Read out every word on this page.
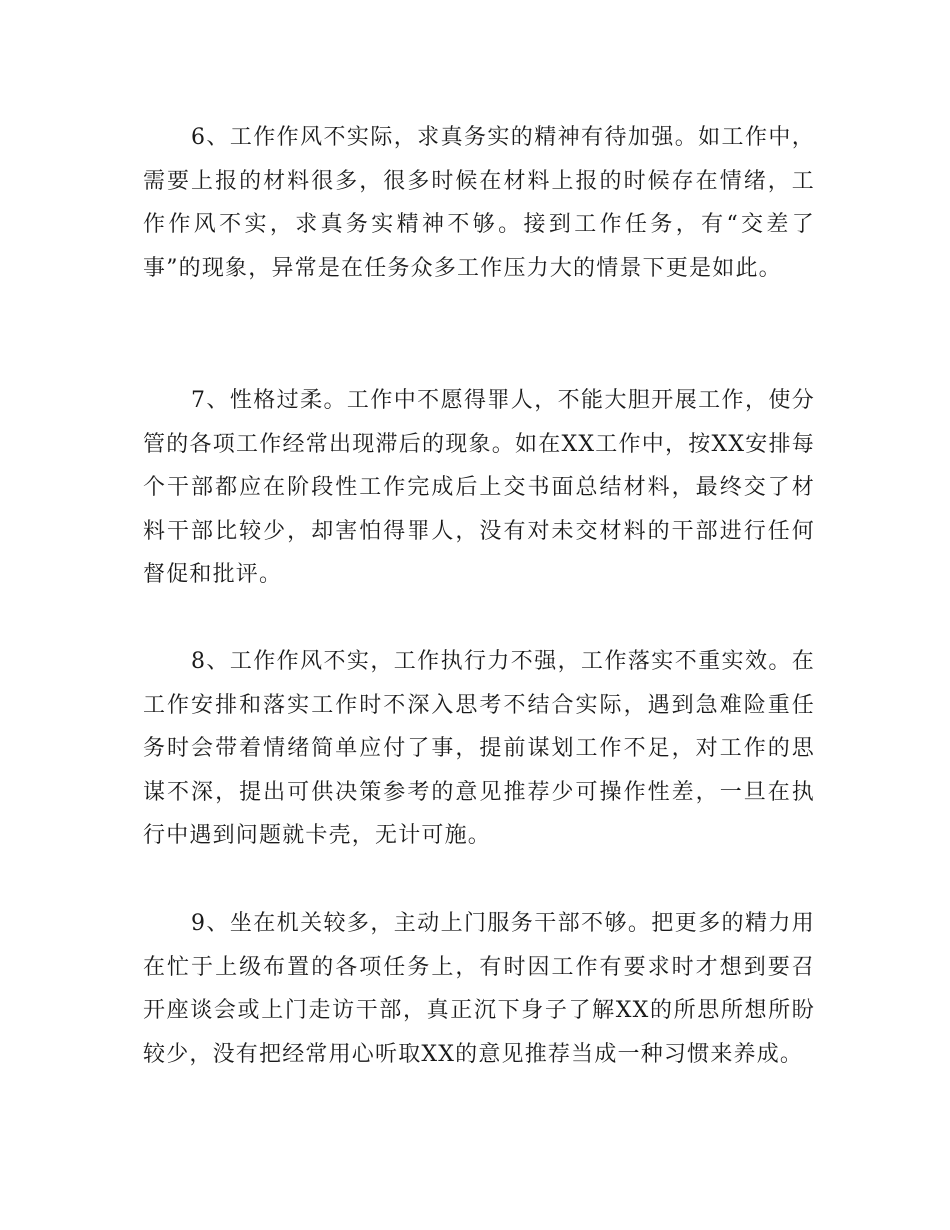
6、工作作风不实际，求真务实的精神有待加强。如工作中，需要上报的材料很多，很多时候在材料上报的时候存在情绪，工作作风不实，求真务实精神不够。接到工作任务，有“交差了事”的现象，异常是在任务众多工作压力大的情景下更是如此。

7、性格过柔。工作中不愿得罪人，不能大胆开展工作，使分管的各项工作经常出现滞后的现象。如在XX工作中，按XX安排每个干部都应在阶段性工作完成后上交书面总结材料，最终交了材料干部比较少，却害怕得罪人，没有对未交材料的干部进行任何督促和批评。

8、工作作风不实，工作执行力不强，工作落实不重实效。在工作安排和落实工作时不深入思考不结合实际，遇到急难险重任务时会带着情绪简单应付了事，提前谋划工作不足，对工作的思谋不深，提出可供决策参考的意见推荐少可操作性差，一旦在执行中遇到问题就卡壳，无计可施。

9、坐在机关较多，主动上门服务干部不够。把更多的精力用在忙于上级布置的各项任务上，有时因工作有要求时才想到要召开座谈会或上门走访干部，真正沉下身子了解XX的所思所想所盼较少，没有把经常用心听取XX的意见推荐当成一种习惯来养成。
